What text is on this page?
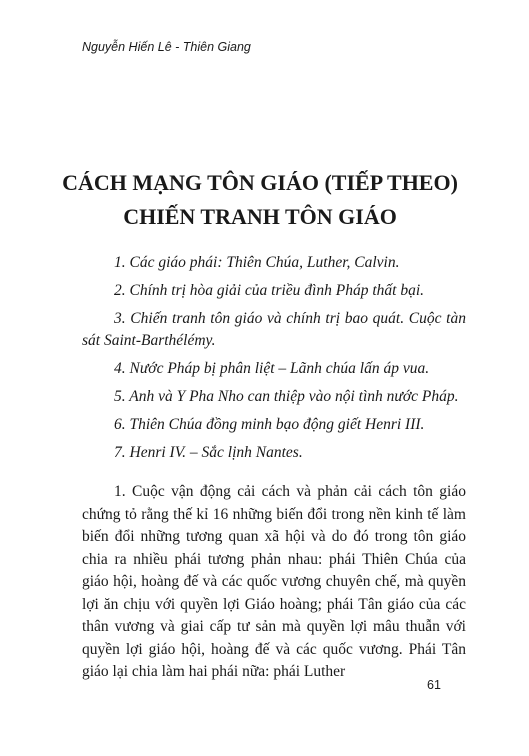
Nguyễn Hiến Lê - Thiên Giang
CÁCH MẠNG TÔN GIÁO (TIẾP THEO)
CHIẾN TRANH TÔN GIÁO
1. Các giáo phái: Thiên Chúa, Luther, Calvin.
2. Chính trị hòa giải của triều đình Pháp thất bại.
3. Chiến tranh tôn giáo và chính trị bao quát. Cuộc tàn sát Saint-Barthélémy.
4. Nước Pháp bị phân liệt – Lãnh chúa lấn áp vua.
5. Anh và Y Pha Nho can thiệp vào nội tình nước Pháp.
6. Thiên Chúa đồng minh bạo động giết Henri III.
7. Henri IV. – Sắc lịnh Nantes.

1. Cuộc vận động cải cách và phản cải cách tôn giáo chứng tỏ rằng thế kỉ 16 những biến đổi trong nền kinh tế làm biến đổi những tương quan xã hội và do đó trong tôn giáo chia ra nhiều phái tương phản nhau: phái Thiên Chúa của giáo hội, hoàng đế và các quốc vương chuyên chế, mà quyền lợi ăn chịu với quyền lợi Giáo hoàng; phái Tân giáo của các thân vương và giai cấp tư sản mà quyền lợi mâu thuẫn với quyền lợi giáo hội, hoàng đế và các quốc vương. Phái Tân giáo lại chia làm hai phái nữa: phái Luther

61
